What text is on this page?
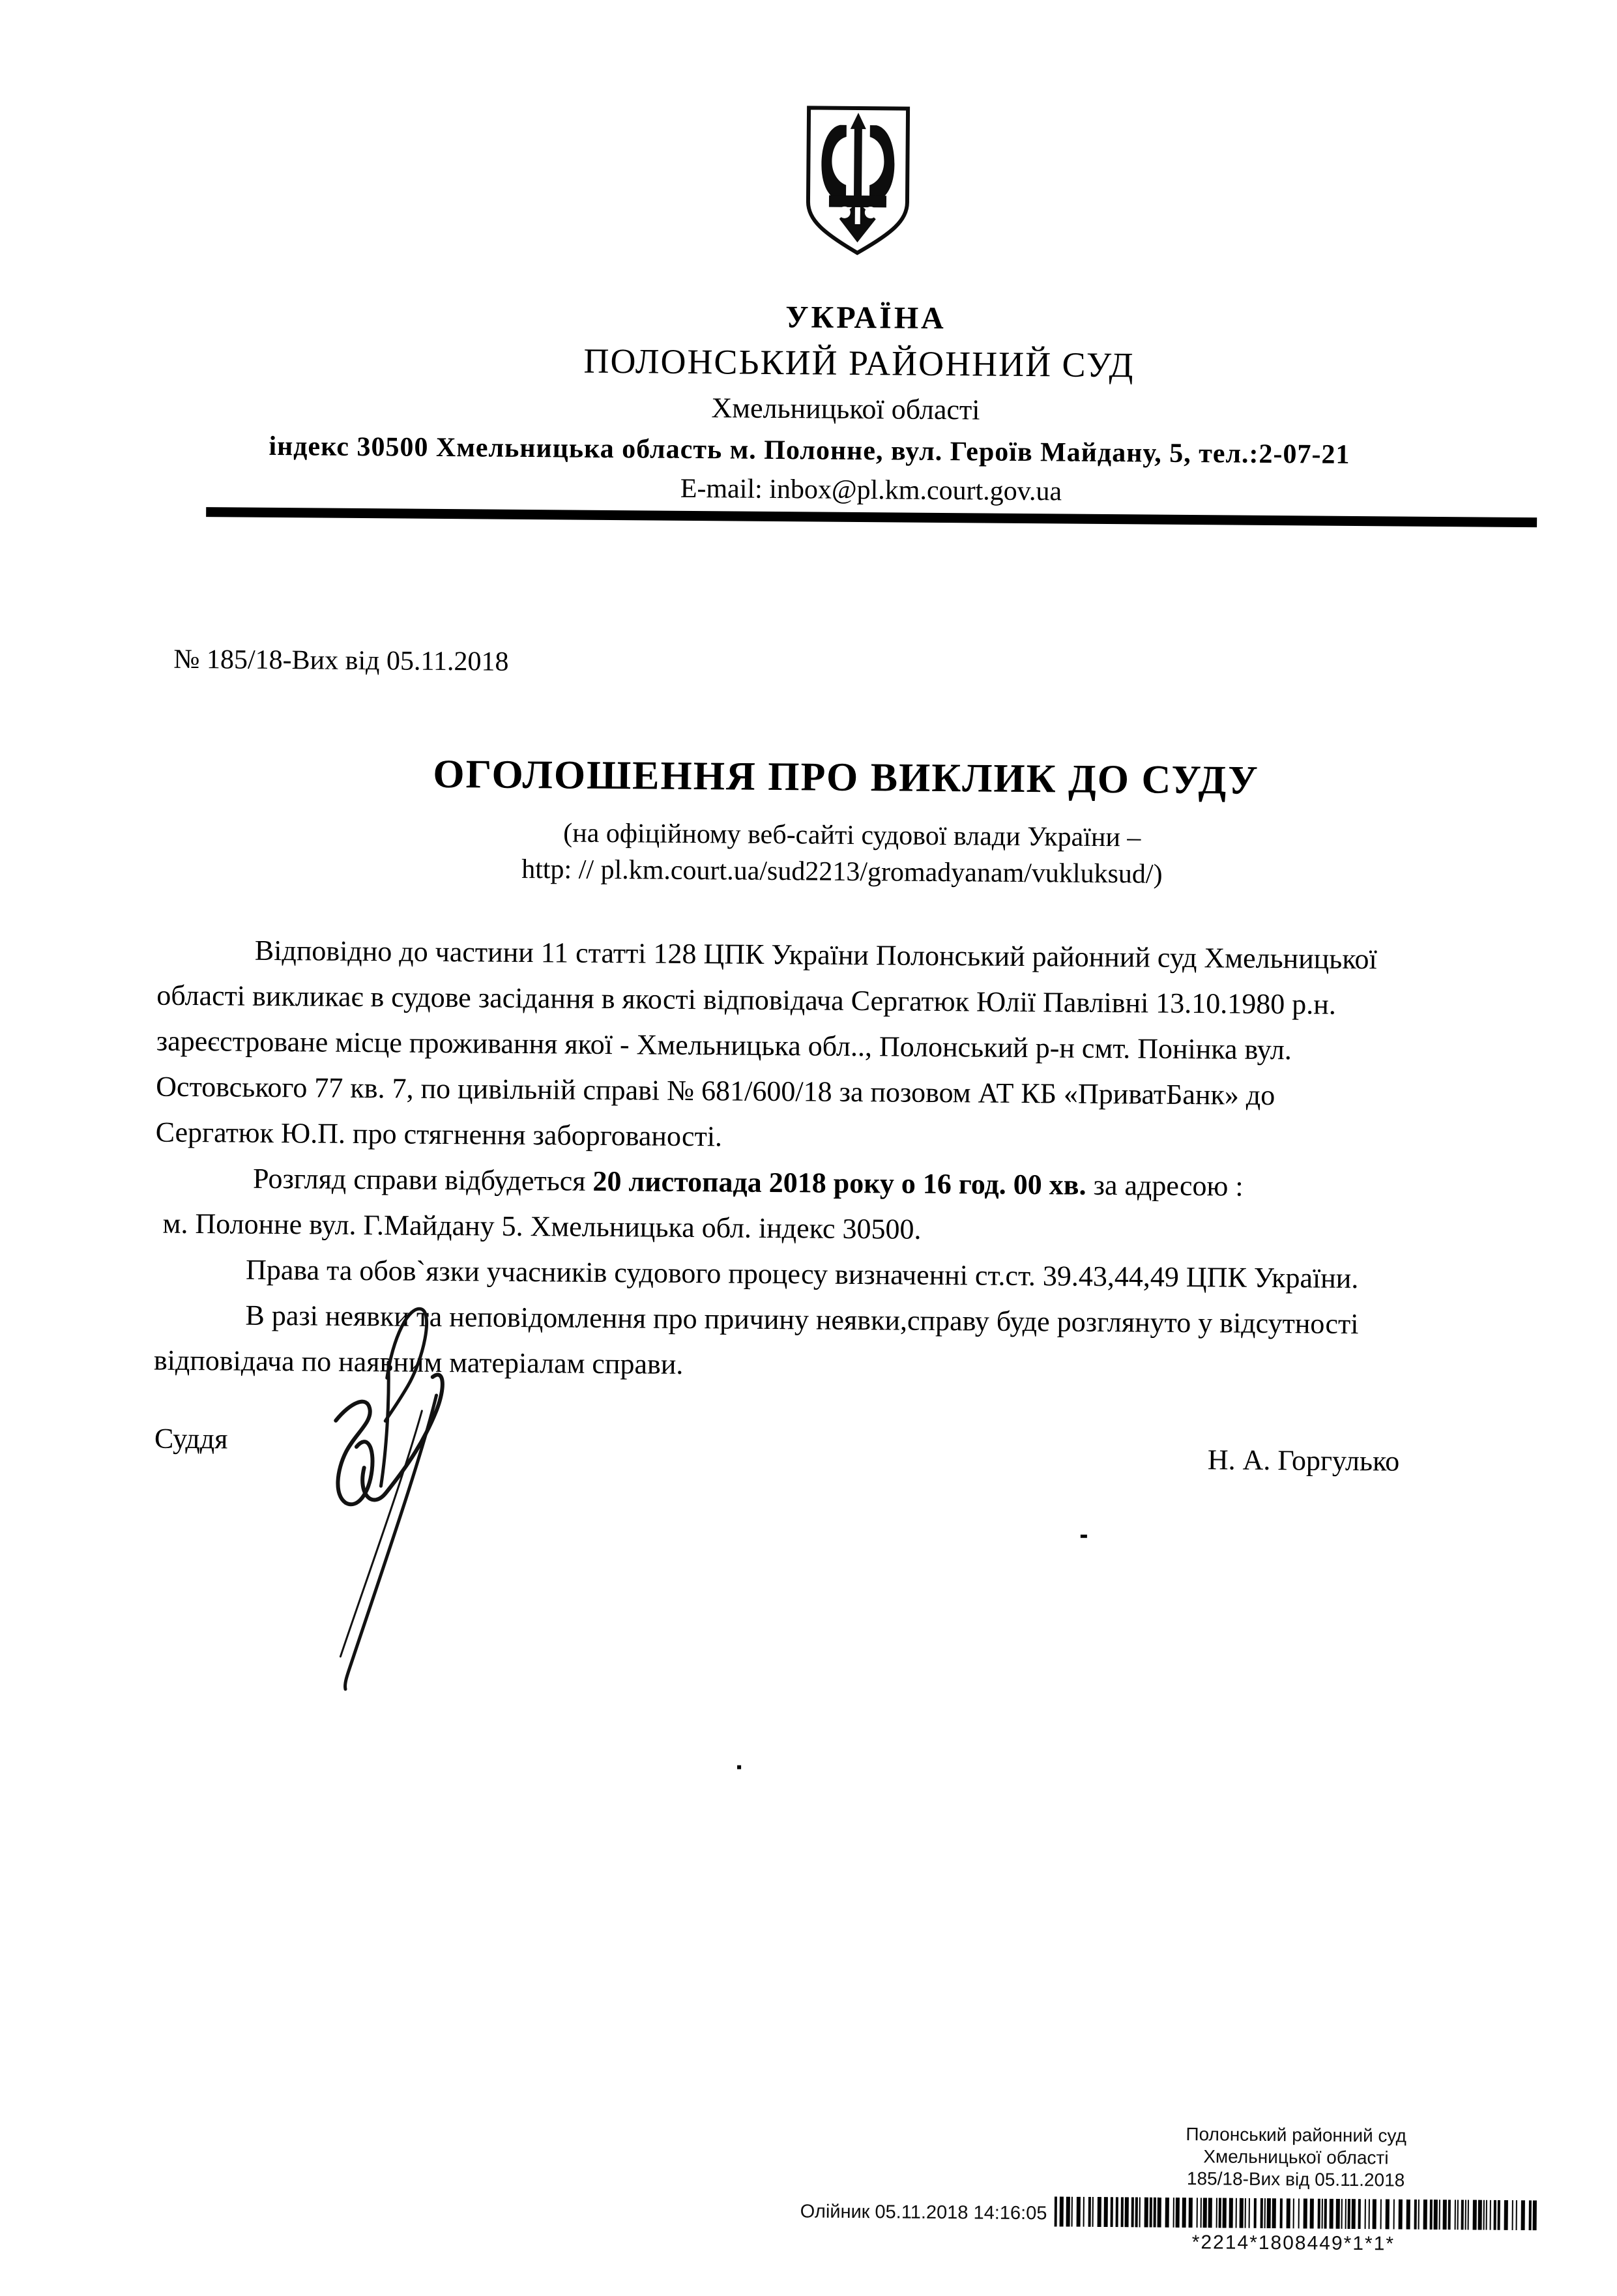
УКРАЇНА
ПОЛОНСЬКИЙ РАЙОННИЙ СУД
Хмельницької області
індекс 30500 Хмельницька область м. Полонне, вул. Героїв Майдану, 5, тел.:2-07-21
E-mail: inbox@pl.km.court.gov.ua
№ 185/18-Вих від 05.11.2018
ОГОЛОШЕННЯ ПРО ВИКЛИК ДО СУДУ
(на офіційному веб-сайті судової влади України –
http: // pl.km.court.ua/sud2213/gromadyanam/vukluksud/)
Відповідно до частини 11 статті 128 ЦПК України Полонський районний суд Хмельницької
області викликає в судове засідання в якості відповідача Сергатюк Юлії Павлівні 13.10.1980 р.н.
зареєстроване місце проживання якої - Хмельницька обл.., Полонський р-н смт. Понінка вул.
Остовського 77 кв. 7, по цивільній справі № 681/600/18 за позовом АТ КБ «ПриватБанк» до
Сергатюк Ю.П. про стягнення заборгованості.
Розгляд справи відбудеться 20 листопада 2018 року о 16 год. 00 хв. за адресою :
м. Полонне вул. Г.Майдану 5. Хмельницька обл. індекс 30500.
Права та обов`язки учасників судового процесу визначенні ст.ст. 39.43,44,49 ЦПК України.
В разі неявки та неповідомлення про причину неявки,справу буде розглянуто у відсутності
відповідача по наявним матеріалам справи.
Суддя
Н. А. Горгулько
Полонський районний суд
Хмельницької області
185/18-Вих від 05.11.2018
Олійник 05.11.2018 14:16:05
*2214*1808449*1*1*
